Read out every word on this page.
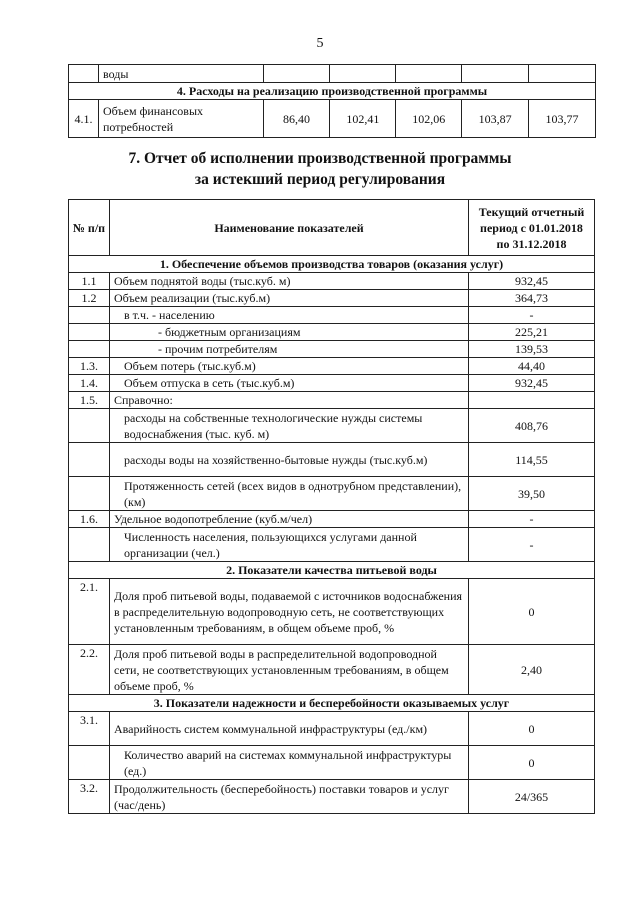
5
	воды					
4. Расходы на реализацию производственной программы						
4.1.	Объем финансовых потребностей	86,40	102,41	102,06	103,87	103,77
7. Отчет об исполнении производственной программы
за истекший период регулирования
№ п/п	Наименование показателей	Текущий отчетный период с 01.01.2018 по 31.12.2018
1. Обеспечение объемов производства товаров (оказания услуг)		
1.1	Объем поднятой воды (тыс.куб. м)	932,45
1.2	Объем реализации (тыс.куб.м)	364,73
	в т.ч. - населению	-
	- бюджетным организациям	225,21
	- прочим потребителям	139,53
1.3.	Объем потерь (тыс.куб.м)	44,40
1.4.	Объем отпуска в сеть (тыс.куб.м)	932,45
1.5.	Справочно:	
	расходы на собственные технологические нужды системы водоснабжения (тыс. куб. м)	408,76
	расходы воды на хозяйственно-бытовые нужды (тыс.куб.м)	114,55
	Протяженность сетей (всех видов в однотрубном представлении), (км)	39,50
1.6.	Удельное водопотребление (куб.м/чел)	-
	Численность населения, пользующихся услугами данной организации (чел.)	-
2. Показатели качества питьевой воды		
2.1.	Доля проб питьевой воды, подаваемой с источников водоснабжения в распределительную водопроводную сеть, не соответствующих установленным требованиям, в общем объеме проб, %	0
2.2.	Доля проб питьевой воды в распределительной водопроводной сети, не соответствующих установленным требованиям, в общем объеме проб, %	2,40
3. Показатели надежности и бесперебойности оказываемых услуг		
3.1.	Аварийность систем коммунальной инфраструктуры (ед./км)	0
	Количество аварий на системах коммунальной инфраструктуры (ед.)	0
3.2.	Продолжительность (бесперебойность) поставки товаров и услуг (час/день)	24/365
